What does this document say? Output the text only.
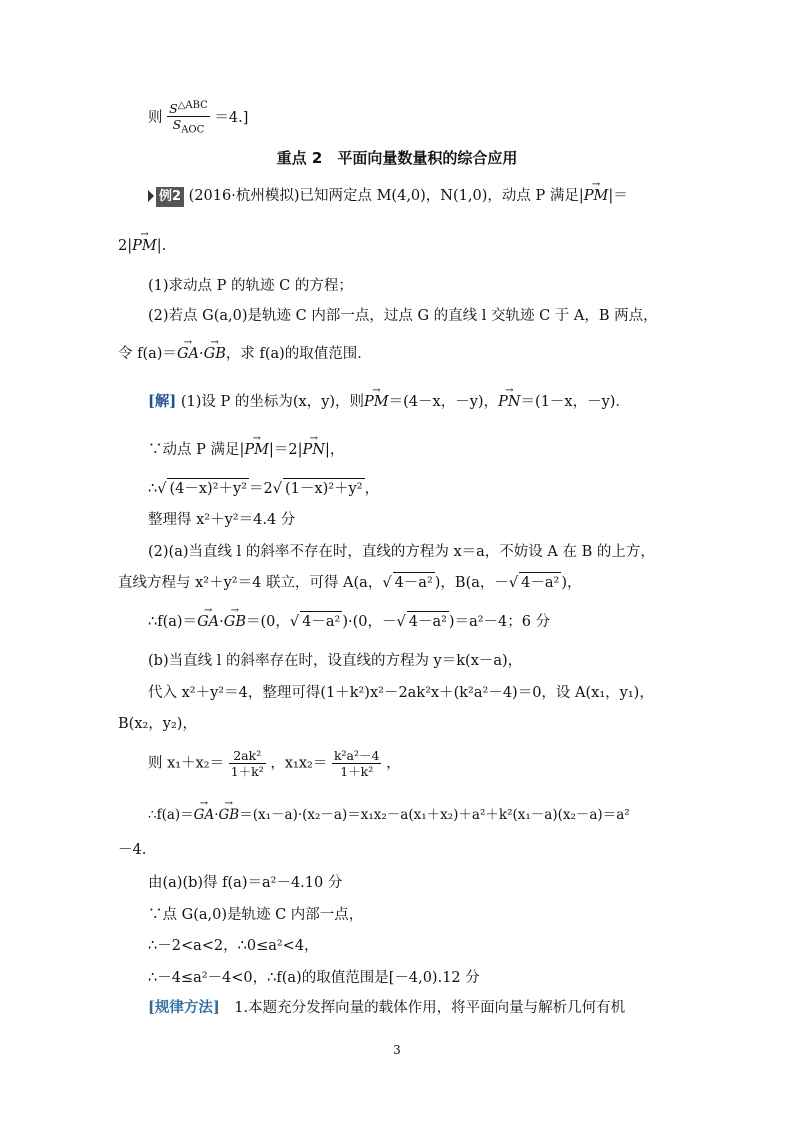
则 $\frac{S^{\triangle ABC}}{S_{AOC}} =4$.]
重点 2　平面向量数量积的综合应用
例2 (2016·杭州模拟)已知两定点 M(4,0)，N(1,0)，动点 P 满足|→ PM|＝
2|→ PM|.
(1)求动点 P 的轨迹 C 的方程；
(2)若点 G(a,0)是轨迹 C 内部一点，过点 G 的直线 l 交轨迹 C 于 A，B 两点，
令 f(a)＝→ GA·→ GB，求 f(a)的取值范围．
[解] (1)设 P 的坐标为(x，y)，则→ PM＝(4－x，－y)，→ PN＝(1－x，－y)．
∵动点 P 满足|→ PM|＝2|→ PN|，
∴√ (4－x)²＋y² ＝2√ (1－x)²＋y² ，
整理得 x²＋y²＝4.4 分
(2)(a)当直线 l 的斜率不存在时，直线的方程为 x＝a，不妨设 A 在 B 的上方，
直线方程与 x²＋y²＝4 联立，可得 A(a，√ 4－a² )，B(a，－√ 4－a² )，
∴f(a)＝→ GA·→ GB＝(0，√ 4－a² )·(0，－√ 4－a² )＝a²－4；6 分
(b)当直线 l 的斜率存在时，设直线的方程为 y＝k(x－a)，
代入 x²＋y²＝4，整理可得(1＋k²)x²－2ak²x＋(k²a²－4)＝0，设 A(x₁，y₁)，
B(x₂，y₂)，
则 $x_1+x_2= \frac{\text{2ak²}}{\text{1＋k²}}$ ，$x_1x_2= \frac{\text{k²a²－4}}{\text{1＋k²}}$ ，
∴f(a)＝→ GA·→ GB＝(x₁－a)·(x₂－a)＝x₁x₂－a(x₁＋x₂)＋a²＋k²(x₁－a)(x₂－a)＝a²
－4.
由(a)(b)得 f(a)＝a²－4.10 分
∵点 G(a,0)是轨迹 C 内部一点，
∴－2<a<2，∴0≤a²<4，
∴－4≤a²－4<0，∴f(a)的取值范围是[－4,0).12 分
[规律方法]　1.本题充分发挥向量的载体作用，将平面向量与解析几何有机
3
